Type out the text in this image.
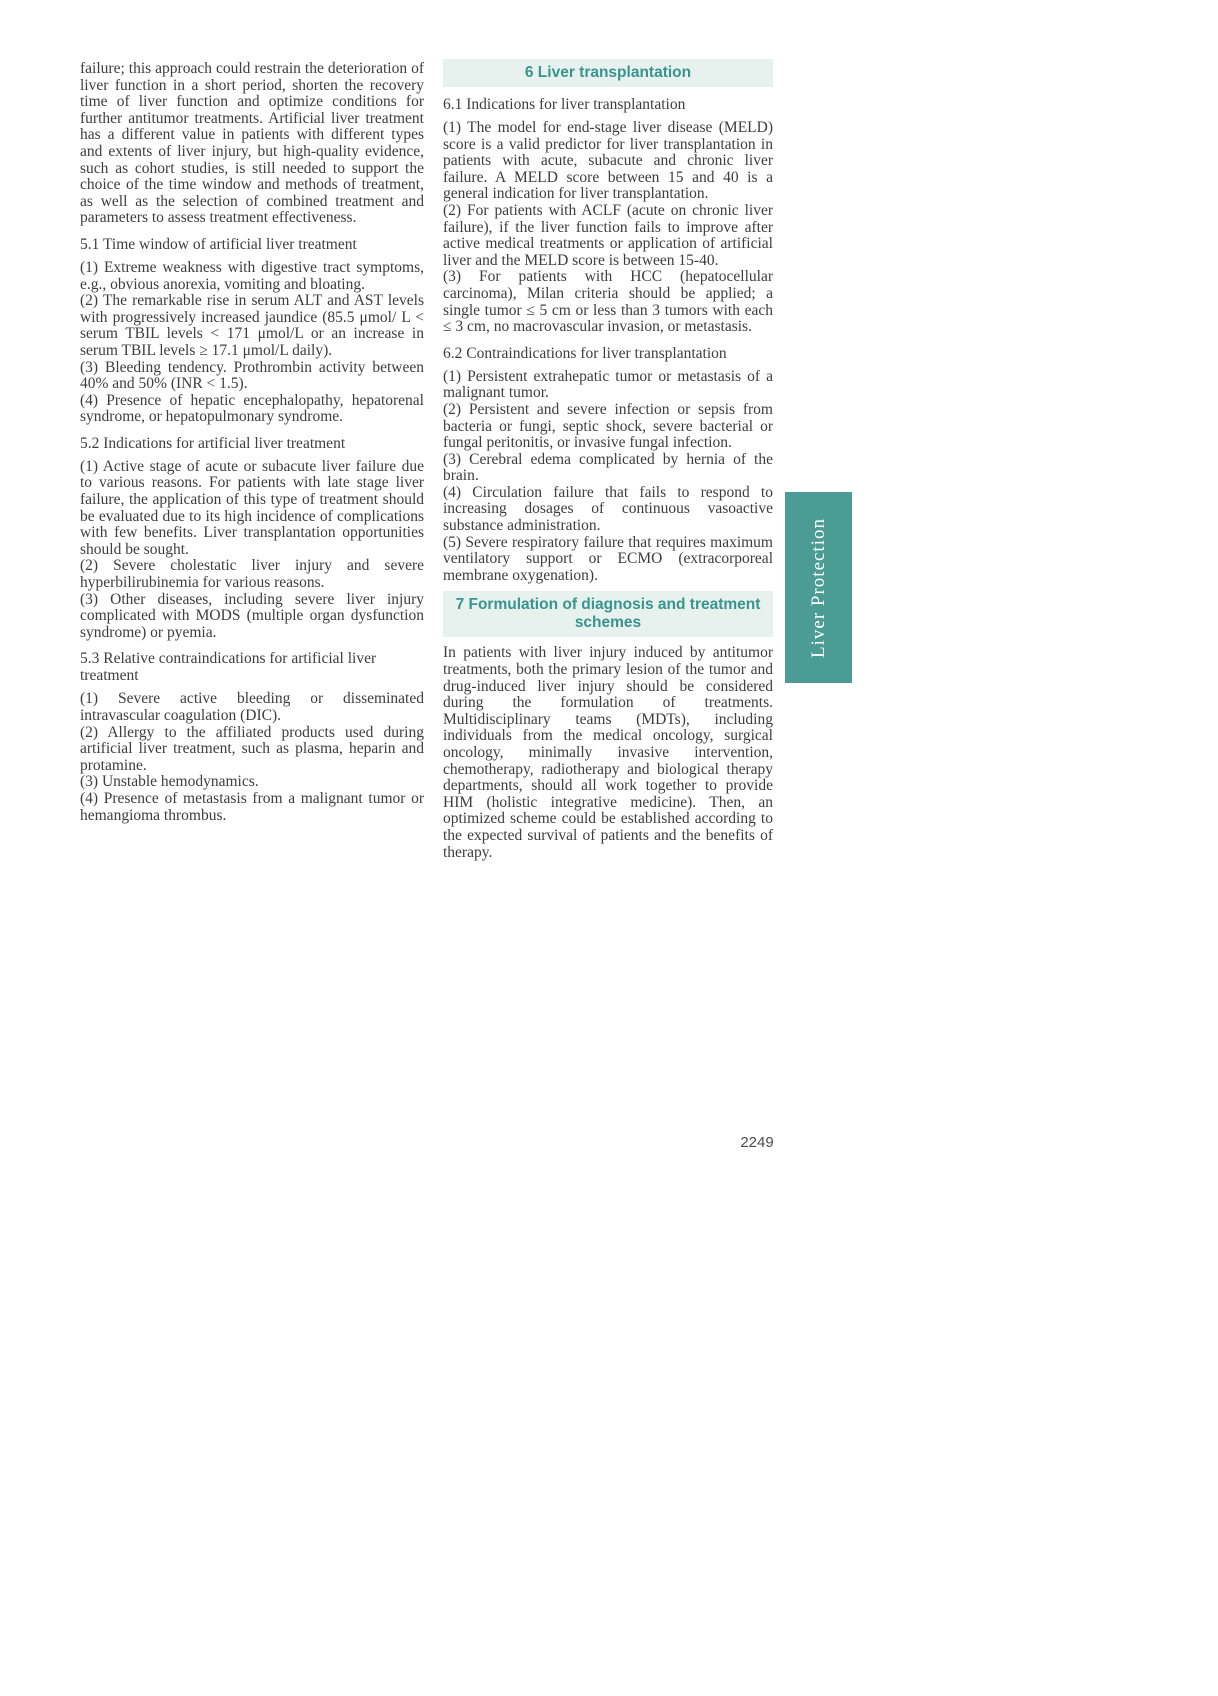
failure; this approach could restrain the deterioration of liver function in a short period, shorten the recovery time of liver function and optimize conditions for further antitumor treatments. Artificial liver treatment has a different value in patients with different types and extents of liver injury, but high-quality evidence, such as cohort studies, is still needed to support the choice of the time window and methods of treatment, as well as the selection of combined treatment and parameters to assess treatment effectiveness.

5.1 Time window of artificial liver treatment

(1) Extreme weakness with digestive tract symptoms, e.g., obvious anorexia, vomiting and bloating.

(2) The remarkable rise in serum ALT and AST levels with progressively increased jaundice (85.5 μmol/ L < serum TBIL levels < 171 μmol/L or an increase in serum TBIL levels ≥ 17.1 μmol/L daily).

(3) Bleeding tendency. Prothrombin activity between 40% and 50% (INR < 1.5).

(4) Presence of hepatic encephalopathy, hepatorenal syndrome, or hepatopulmonary syndrome.

5.2 Indications for artificial liver treatment

(1) Active stage of acute or subacute liver failure due to various reasons. For patients with late stage liver failure, the application of this type of treatment should be evaluated due to its high incidence of complications with few benefits. Liver transplantation opportunities should be sought.

(2) Severe cholestatic liver injury and severe hyperbilirubinemia for various reasons.

(3) Other diseases, including severe liver injury complicated with MODS (multiple organ dysfunction syndrome) or pyemia.

5.3 Relative contraindications for artificial liver treatment

(1) Severe active bleeding or disseminated intravascular coagulation (DIC).

(2) Allergy to the affiliated products used during artificial liver treatment, such as plasma, heparin and protamine.

(3) Unstable hemodynamics.

(4) Presence of metastasis from a malignant tumor or hemangioma thrombus.

6 Liver transplantation
6.1 Indications for liver transplantation

(1) The model for end-stage liver disease (MELD) score is a valid predictor for liver transplantation in patients with acute, subacute and chronic liver failure. A MELD score between 15 and 40 is a general indication for liver transplantation.

(2) For patients with ACLF (acute on chronic liver failure), if the liver function fails to improve after active medical treatments or application of artificial liver and the MELD score is between 15-40.

(3) For patients with HCC (hepatocellular carcinoma), Milan criteria should be applied; a single tumor ≤ 5 cm or less than 3 tumors with each ≤ 3 cm, no macrovascular invasion, or metastasis.

6.2 Contraindications for liver transplantation

(1) Persistent extrahepatic tumor or metastasis of a malignant tumor.

(2) Persistent and severe infection or sepsis from bacteria or fungi, septic shock, severe bacterial or fungal peritonitis, or invasive fungal infection.

(3) Cerebral edema complicated by hernia of the brain.

(4) Circulation failure that fails to respond to increasing dosages of continuous vasoactive substance administration.

(5) Severe respiratory failure that requires maximum ventilatory support or ECMO (extracorporeal membrane oxygenation).

7 Formulation of diagnosis and treatment schemes

In patients with liver injury induced by antitumor treatments, both the primary lesion of the tumor and drug-induced liver injury should be considered during the formulation of treatments. Multidisciplinary teams (MDTs), including individuals from the medical oncology, surgical oncology, minimally invasive intervention, chemotherapy, radiotherapy and biological therapy departments, should all work together to provide HIM (holistic integrative medicine). Then, an optimized scheme could be established according to the expected survival of patients and the benefits of therapy.

Liver Protection
2249
